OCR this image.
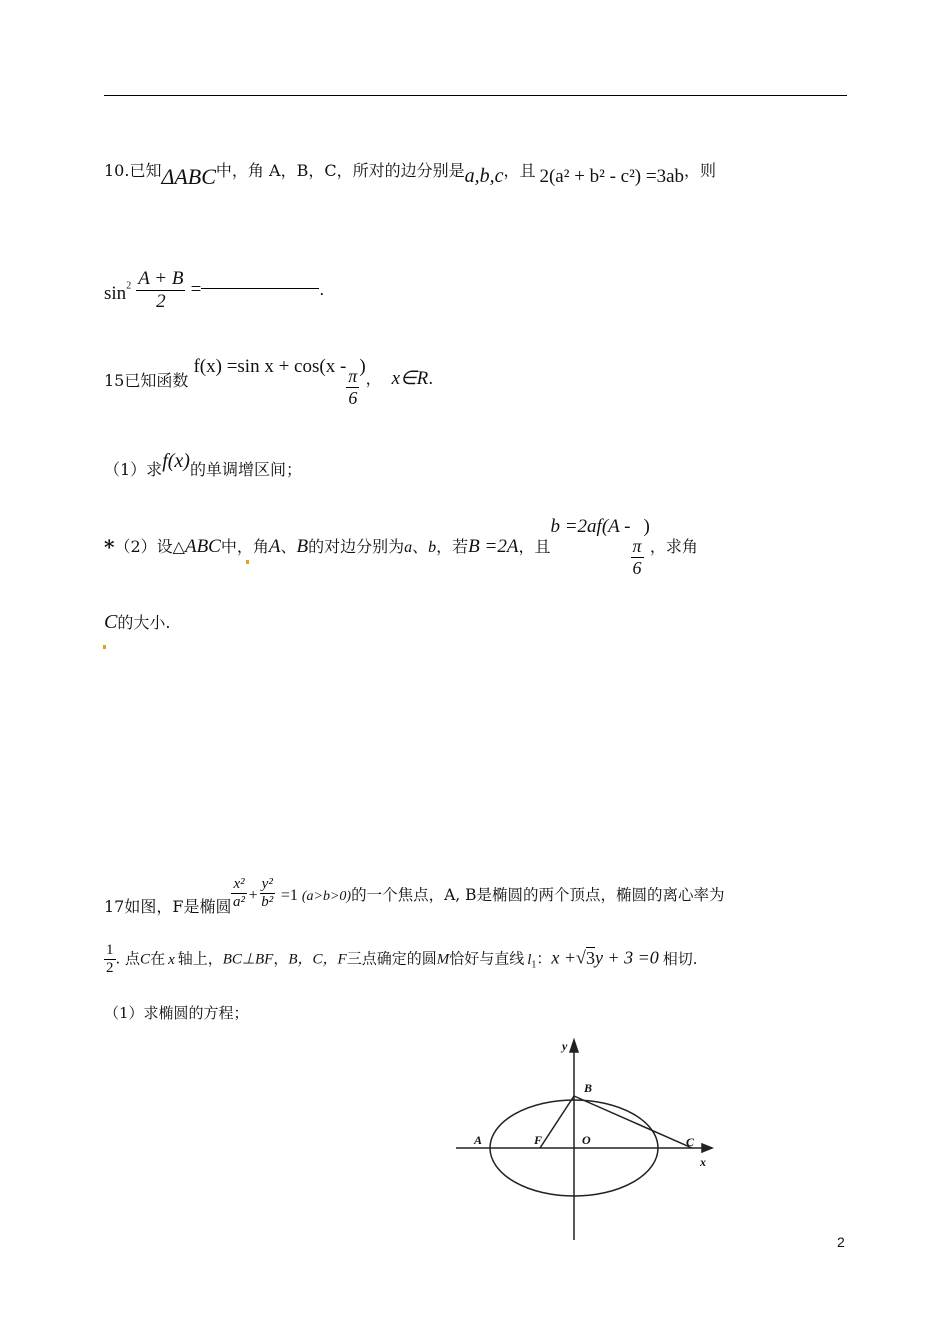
10.已知ΔABC中，角 A，B，C，所对的边分别是a,b,c，且 2(a² + b² - c²) =3ab，则
$\sin^2 \frac{A + B}{2}$ =	.
15已知函数 f(x) =sin $x + \cos(x - \frac{\pi}{6}$ )， x∈R.
（1）求f(x)的单调增区间；
*（2）设△ABC中，角A、B的对边分别为a、b，若B =2A，且b =2af(A -
$\frac{\pi}{6}$
)，求角
C的大小.
17如图，F是椭圆 $\frac{\text{x²}}{\text{a²}} + \frac{\text{y²}}{\text{b²}} =1$ (a>b>0)的一个焦点，A, B是椭圆的两个顶点，椭圆的离心率为
$\frac{1}{2}$ . 点C在 x 轴上，BC⊥BF，B，C，F三点确定的圆M恰好与直线 $l_1$：x +√3y + 3 =0 相切.
（1）求椭圆的方程；
y
x
A
B
C
F	O
2
